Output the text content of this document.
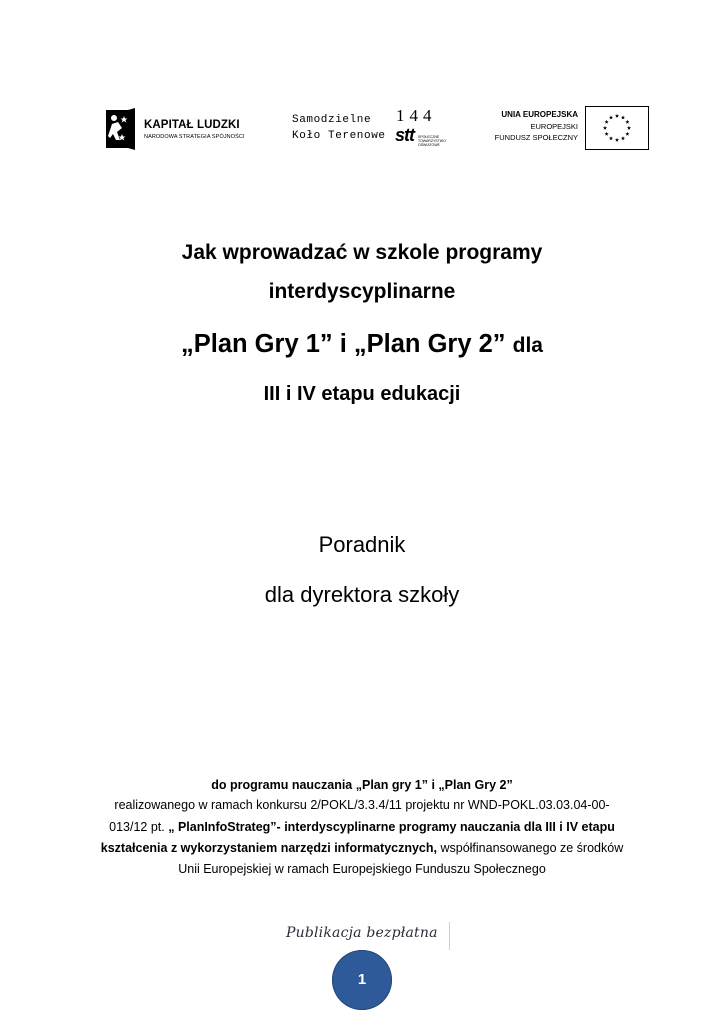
KAPITAŁ LUDZKI
NARODOWA STRATEGIA SPÓJNOŚCI
Samodzielne
Koło Terenowe
144
stt SPOŁECZNE TOWARZYSTWO OŚWIATOWE
UNIA EUROPEJSKA
EUROPEJSKI
FUNDUSZ SPOŁECZNY
Jak wprowadzać w szkole programy
interdyscyplinarne
„Plan Gry 1” i „Plan Gry 2” dla
III i IV etapu edukacji
Poradnik
dla dyrektora szkoły
do programu nauczania „Plan gry 1” i „Plan Gry 2”
realizowanego w ramach konkursu 2/POKL/3.3.4/11 projektu nr WND-POKL.03.03.04-00-
013/12 pt. „ PlanInfoStrateg”- interdyscyplinarne programy nauczania dla III i IV etapu
kształcenia z wykorzystaniem narzędzi informatycznych, współfinansowanego ze środków
Unii Europejskiej w ramach Europejskiego Funduszu Społecznego
Publikacja bezpłatna
1
